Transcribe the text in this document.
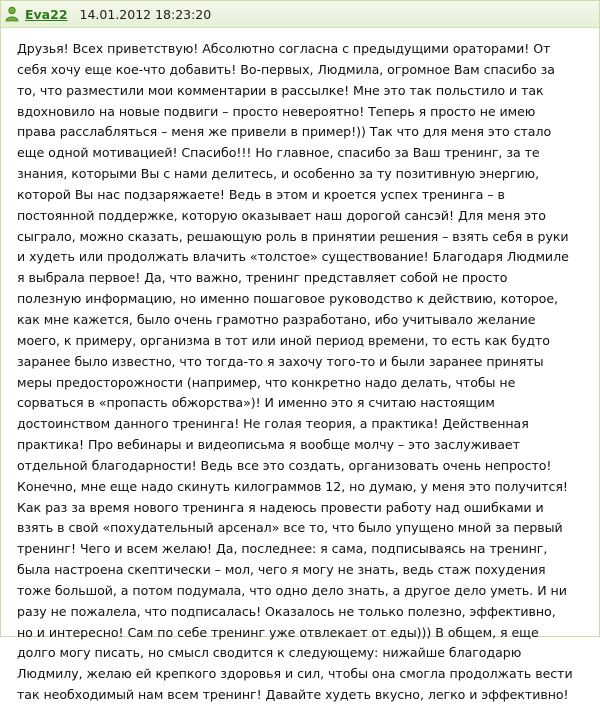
Eva22 14.01.2012 18:23:20
Друзья! Всех приветствую! Абсолютно согласна с предыдущими ораторами! От
себя хочу еще кое-что добавить! Во-первых, Людмила, огромное Вам спасибо за
то, что разместили мои комментарии в рассылке! Мне это так польстило и так
вдохновило на новые подвиги – просто невероятно! Теперь я просто не имею
права расслабляться – меня же привели в пример!)) Так что для меня это стало
еще одной мотивацией! Спасибо!!! Но главное, спасибо за Ваш тренинг, за те
знания, которыми Вы с нами делитесь, и особенно за ту позитивную энергию,
которой Вы нас подзаряжаете! Ведь в этом и кроется успех тренинга – в
постоянной поддержке, которую оказывает наш дорогой сансэй! Для меня это
сыграло, можно сказать, решающую роль в принятии решения – взять себя в руки
и худеть или продолжать влачить «толстое» существование! Благодаря Людмиле
я выбрала первое! Да, что важно, тренинг представляет собой не просто
полезную информацию, но именно пошаговое руководство к действию, которое,
как мне кажется, было очень грамотно разработано, ибо учитывало желание
моего, к примеру, организма в тот или иной период времени, то есть как будто
заранее было известно, что тогда-то я захочу того-то и были заранее приняты
меры предосторожности (например, что конкретно надо делать, чтобы не
сорваться в «пропасть обжорства»)! И именно это я считаю настоящим
достоинством данного тренинга! Не голая теория, а практика! Действенная
практика! Про вебинары и видеописьма я вообще молчу – это заслуживает
отдельной благодарности! Ведь все это создать, организовать очень непросто!
Конечно, мне еще надо скинуть килограммов 12, но думаю, у меня это получится!
Как раз за время нового тренинга я надеюсь провести работу над ошибками и
взять в свой «похудательный арсенал» все то, что было упущено мной за первый
тренинг! Чего и всем желаю! Да, последнее: я сама, подписываясь на тренинг,
была настроена скептически – мол, чего я могу не знать, ведь стаж похудения
тоже большой, а потом подумала, что одно дело знать, а другое дело уметь. И ни
разу не пожалела, что подписалась! Оказалось не только полезно, эффективно,
но и интересно! Сам по себе тренинг уже отвлекает от еды))) В общем, я еще
долго могу писать, но смысл сводится к следующему: нижайше благодарю
Людмилу, желаю ей крепкого здоровья и сил, чтобы она смогла продолжать вести
так необходимый нам всем тренинг! Давайте худеть вкусно, легко и эффективно!
